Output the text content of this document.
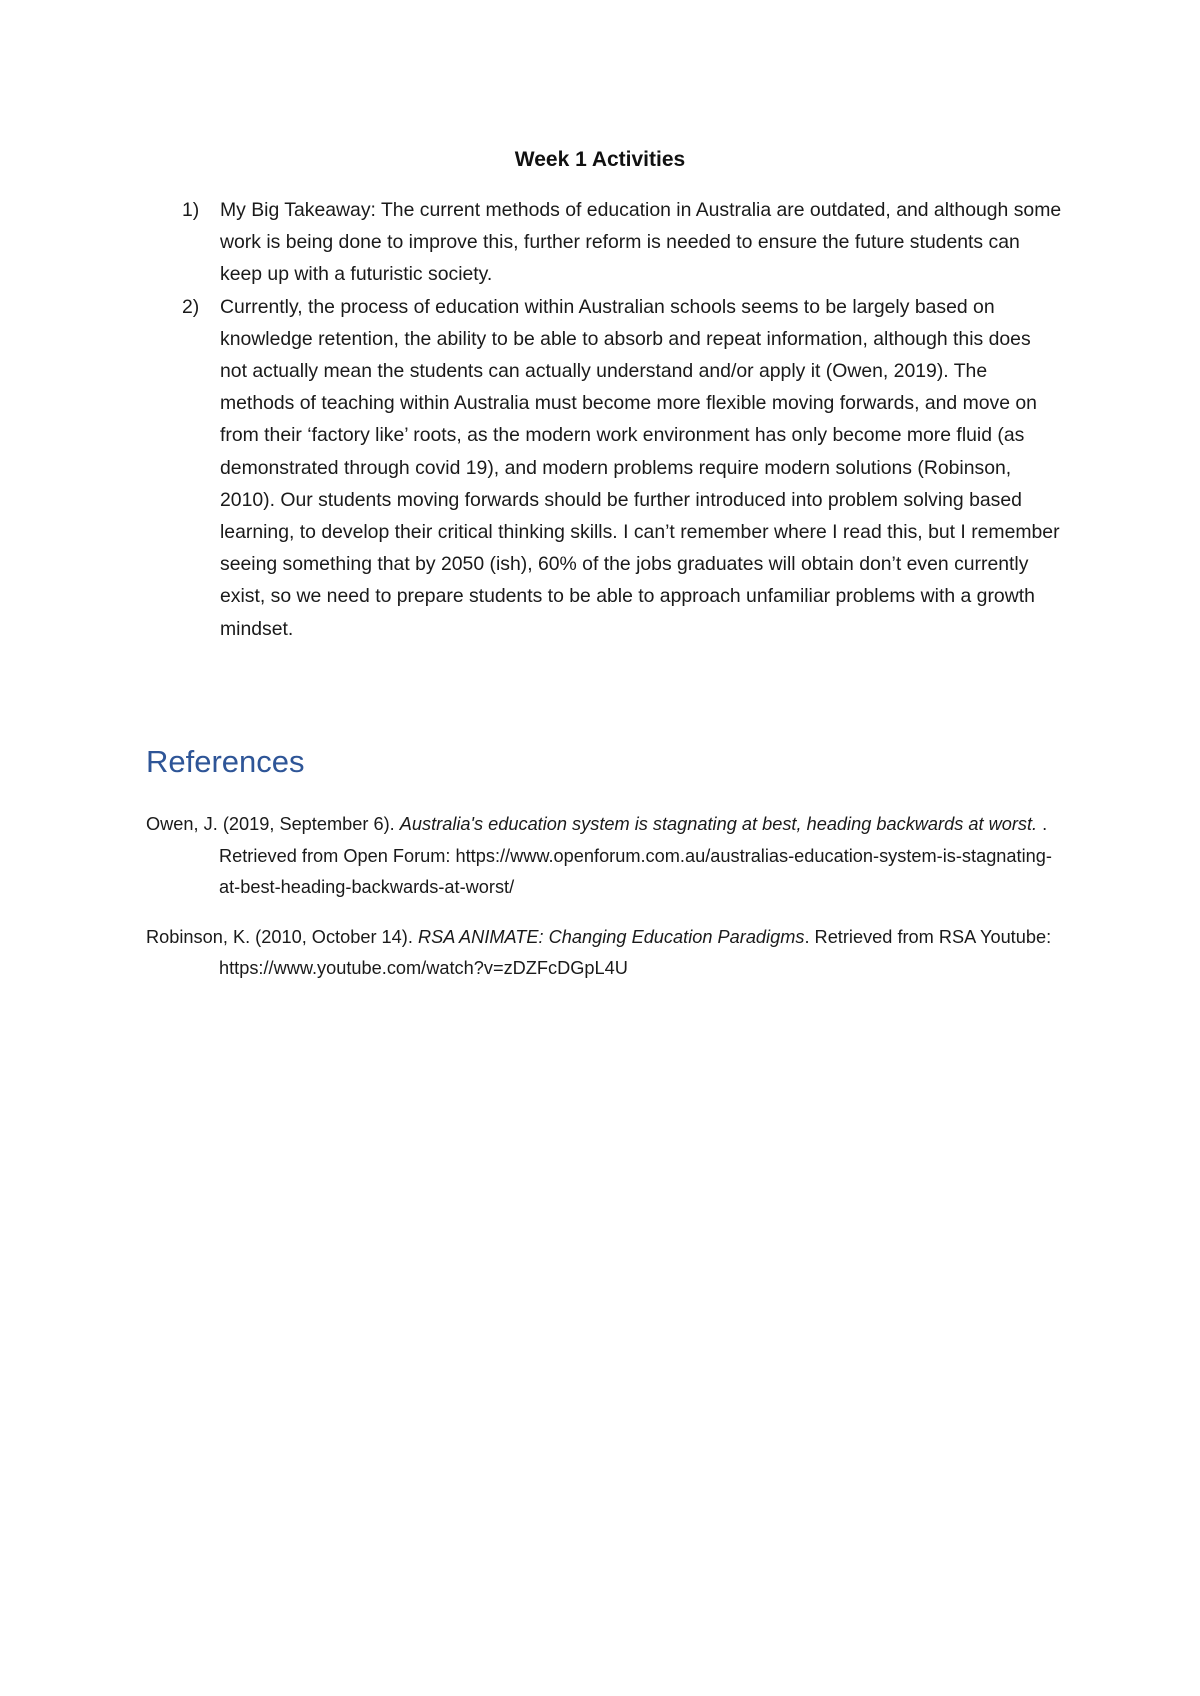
Week 1 Activities
1)	My Big Takeaway: The current methods of education in Australia are outdated, and although some work is being done to improve this, further reform is needed to ensure the future students can keep up with a futuristic society.
2)	Currently, the process of education within Australian schools seems to be largely based on knowledge retention, the ability to be able to absorb and repeat information, although this does not actually mean the students can actually understand and/or apply it (Owen, 2019). The methods of teaching within Australia must become more flexible moving forwards, and move on from their ‘factory like’ roots, as the modern work environment has only become more fluid (as demonstrated through covid 19), and modern problems require modern solutions (Robinson, 2010). Our students moving forwards should be further introduced into problem solving based learning, to develop their critical thinking skills. I can’t remember where I read this, but I remember seeing something that by 2050 (ish), 60% of the jobs graduates will obtain don’t even currently exist, so we need to prepare students to be able to approach unfamiliar problems with a growth mindset.
References

Owen, J. (2019, September 6). Australia's education system is stagnating at best, heading backwards at worst. . Retrieved from Open Forum: https://www.openforum.com.au/australias-education-system-is-stagnating-at-best-heading-backwards-at-worst/

Robinson, K. (2010, October 14). RSA ANIMATE: Changing Education Paradigms. Retrieved from RSA Youtube: https://www.youtube.com/watch?v=zDZFcDGpL4U
